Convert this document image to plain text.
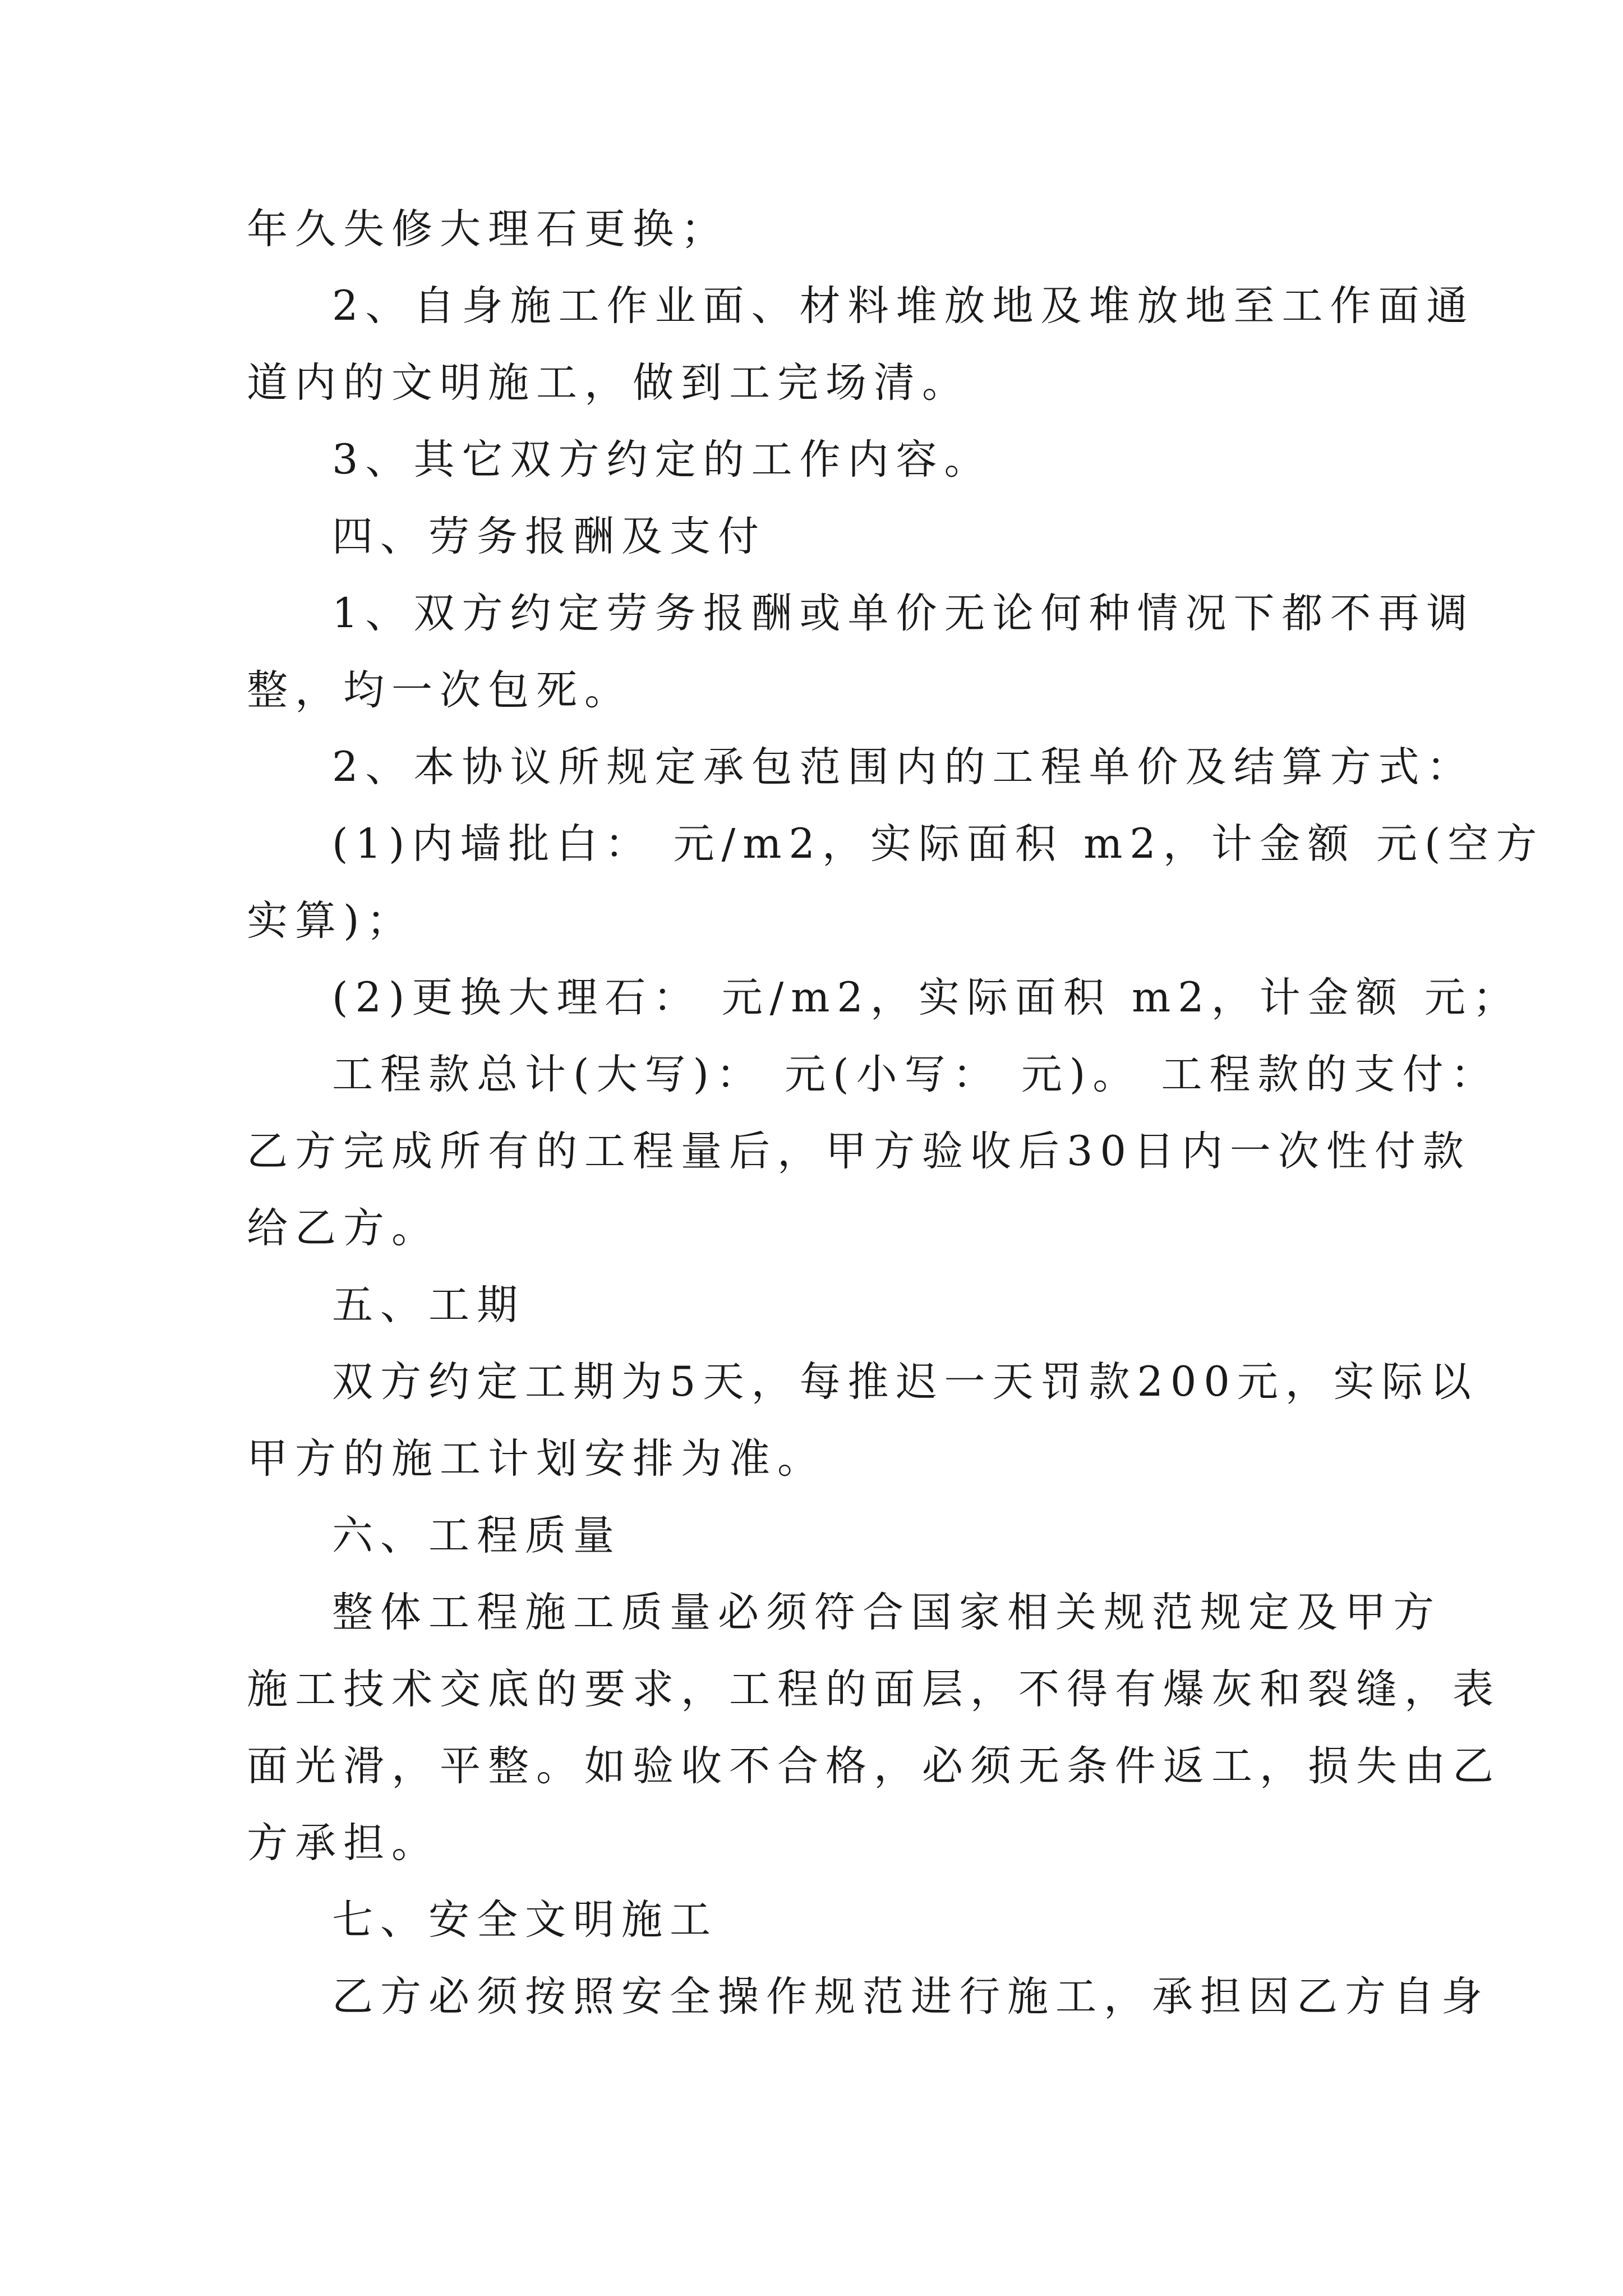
年久失修大理石更换；
2、自身施工作业面、材料堆放地及堆放地至工作面通
道内的文明施工，做到工完场清。
3、其它双方约定的工作内容。
四、劳务报酬及支付
1、双方约定劳务报酬或单价无论何种情况下都不再调
整，均一次包死。
2、本协议所规定承包范围内的工程单价及结算方式：
(1)内墙批白： 元/m2，实际面积 m2，计金额 元(空方
实算)；
(2)更换大理石： 元/m2，实际面积 m2，计金额 元；
工程款总计(大写)： 元(小写： 元)。 工程款的支付：
乙方完成所有的工程量后，甲方验收后30日内一次性付款
给乙方。
五、工期
双方约定工期为5天，每推迟一天罚款200元，实际以
甲方的施工计划安排为准。
六、工程质量
整体工程施工质量必须符合国家相关规范规定及甲方
施工技术交底的要求，工程的面层，不得有爆灰和裂缝，表
面光滑，平整。如验收不合格，必须无条件返工，损失由乙
方承担。
七、安全文明施工
乙方必须按照安全操作规范进行施工，承担因乙方自身
